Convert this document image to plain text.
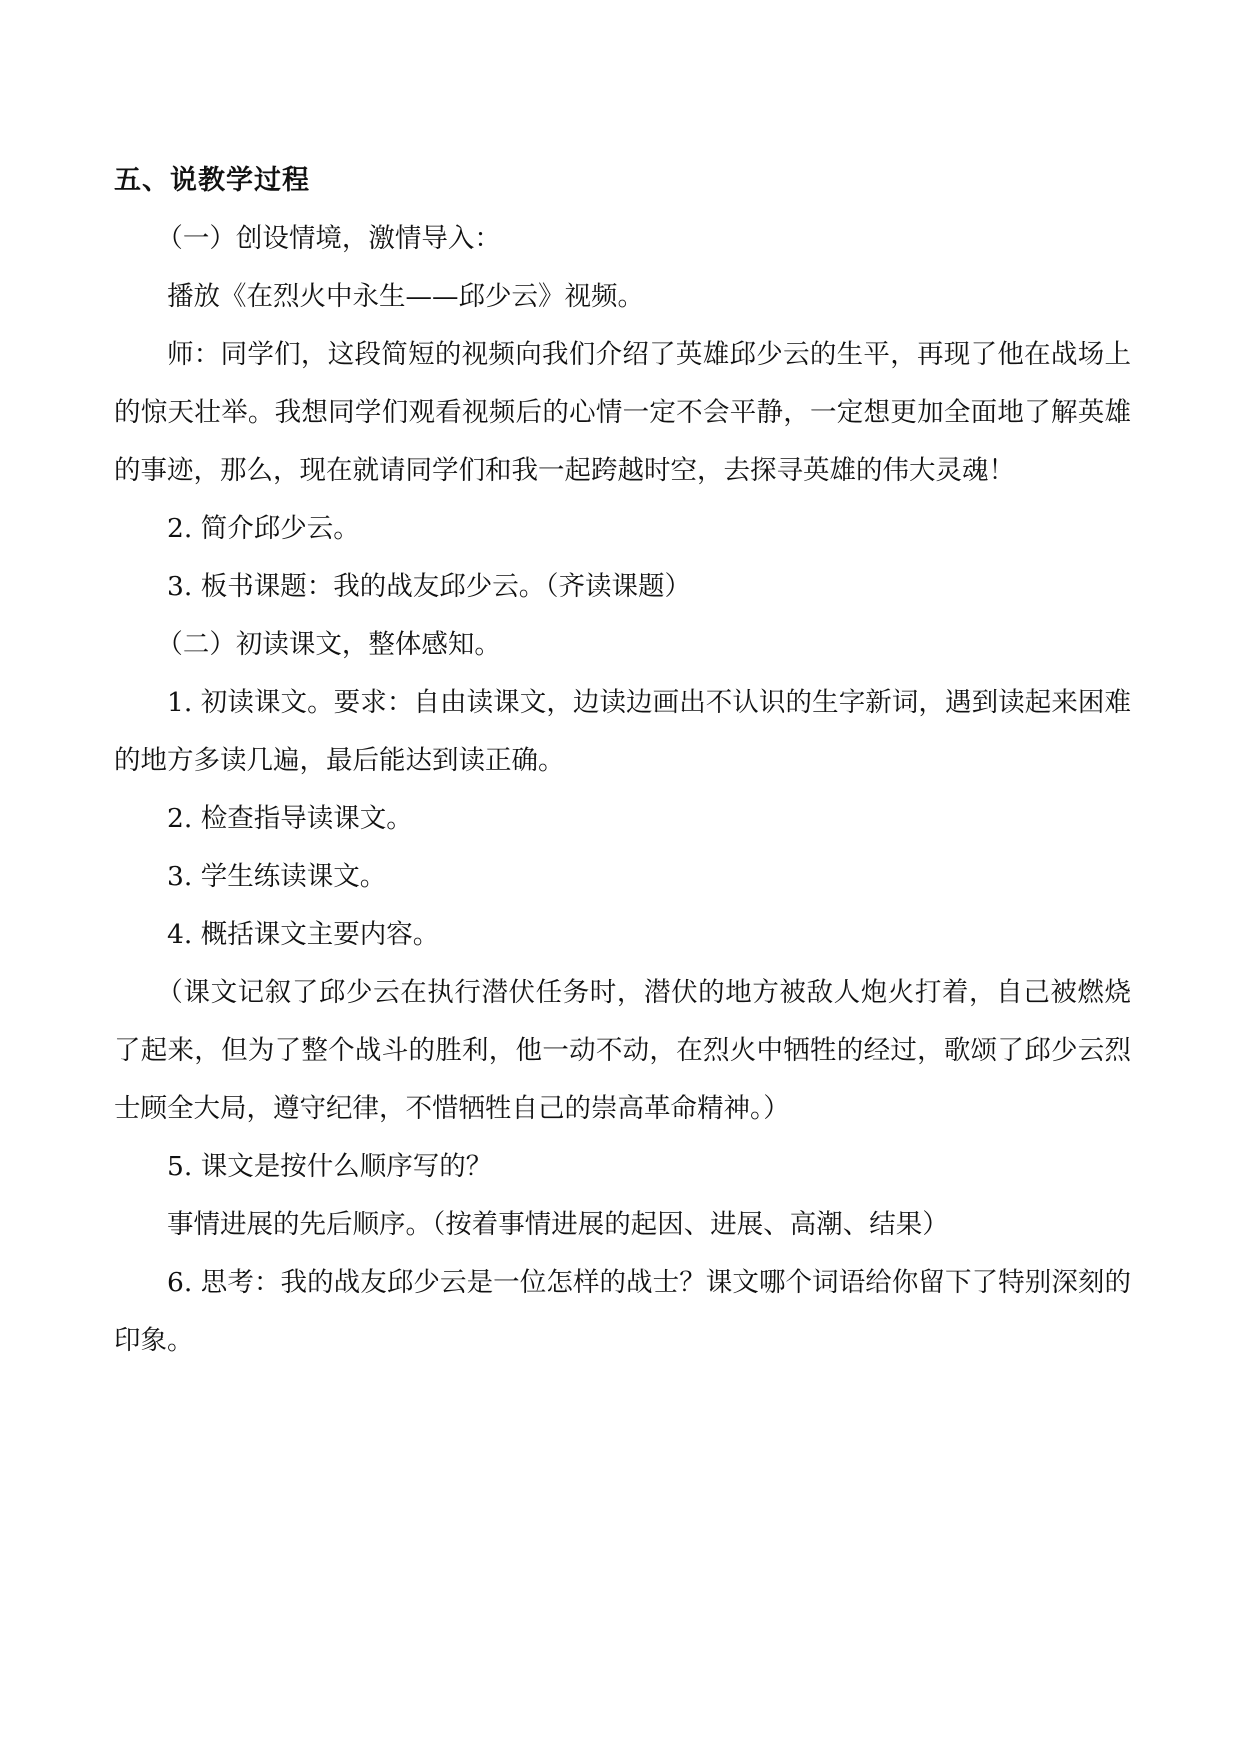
五、说教学过程

（一）创设情境，激情导入：

播放《在烈火中永生——邱少云》视频。

师：同学们，这段简短的视频向我们介绍了英雄邱少云的生平，再现了他在战场上的惊天壮举。我想同学们观看视频后的心情一定不会平静，一定想更加全面地了解英雄的事迹，那么，现在就请同学们和我一起跨越时空，去探寻英雄的伟大灵魂！

2. 简介邱少云。

3. 板书课题：我的战友邱少云。（齐读课题）

（二）初读课文，整体感知。

1. 初读课文。要求：自由读课文，边读边画出不认识的生字新词，遇到读起来困难的地方多读几遍，最后能达到读正确。

2. 检查指导读课文。

3. 学生练读课文。

4. 概括课文主要内容。

（课文记叙了邱少云在执行潜伏任务时，潜伏的地方被敌人炮火打着，自己被燃烧了起来，但为了整个战斗的胜利，他一动不动，在烈火中牺牲的经过，歌颂了邱少云烈士顾全大局，遵守纪律，不惜牺牲自己的崇高革命精神。）

5. 课文是按什么顺序写的？

事情进展的先后顺序。（按着事情进展的起因、进展、高潮、结果）

6. 思考：我的战友邱少云是一位怎样的战士？课文哪个词语给你留下了特别深刻的印象。
